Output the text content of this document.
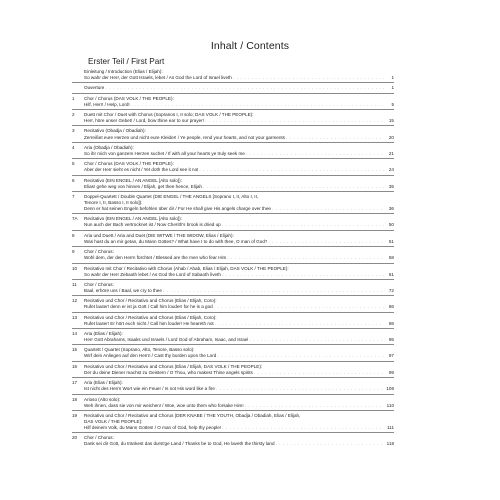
Inhalt / Contents
Erster Teil / First Part
Einleitung / Introduction (Elias / Elijah):
So wahr der Herr, der Gott Israels, lebet / As God the Lord of Israel liveth . . .	1
Ouverture . . .	1
1	Chor / Chorus (DAS VOLK / THE PEOPLE):
Hilf, Herr! / Help, Lord! . . .	5
2	Duett mit Chor / Duet with Chorus (Sopranos I, II solo; DAS VOLK / THE PEOPLE):
Herr, höre unser Gebet! / Lord, bow thine ear to our prayer! . . .	15
3	Recitativo (Obadja / Obadiah):
Zerreißet eure Herzen und nicht eure Kleider! / Ye people, rend your hearts, and not your garments . . .	20
4	Aria (Obadja / Obadiah):
So ihr mich von ganzem Herzen suchet / If with all your hearts ye truly seek me . . .	21
5	Chor / Chorus (DAS VOLK / THE PEOPLE):
Aber der Herr sieht es nicht / Yet doth the Lord see it not . . .	24
6	Recitativo (EIN ENGEL / AN ANGEL [Alto solo]):
Elias! gehe weg von hinnen / Elijah, get thee hence, Elijah . . .	35
7	Doppel-Quartett / Double Quartet (DIE ENGEL / THE ANGELS [Soprano I, II, Alto I, II,
Tenore I, II, Basso I, II solo]):
Denn er hat seinen Engeln befohlen über dir / For He shall give His angels charge over thee . . .	36
7A	Recitativo (EIN ENGEL / AN ANGEL [Alto solo]):
Nun auch der Bach vertrocknet ist / Now Cherith's brook is dried up . . .	50
8	Aria und Duett / Aria and Duet (DIE WITWE / THE WIDOW, Elias / Elijah):
Was hast du an mir getan, du Mann Gottes? / What have I to do with thee, O man of God? . . .	51
9	Chor / Chorus:
Wohl dem, der den Herrn fürchtet / Blessed are the men who fear Him . . .	58
10	Recitativo mit Chor / Recitativo with Chorus (Ahab / Ahab, Elias / Elijah, DAS VOLK / THE PEOPLE):
So wahr der Herr Zebaoth lebet / As God the Lord of Sabaoth liveth . . .	61
11	Chor / Chorus:
Baal, erhöre uns / Baal, we cry to thee . . .	72
12	Recitativo und Chor / Recitativo and Chorus (Elias / Elijah, Coro):
Rufet lauter! denn er ist ja Gott / Call him louder! for he is a god . . .	86
13	Recitativo und Chor / Recitativo and Chorus (Elias / Elijah, Coro):
Rufet lauter! Er hört euch nicht / Call him louder! He heareth not . . .	88
14	Aria (Elias / Elijah):
Herr Gott Abrahams, Isaaks und Israels / Lord God of Abraham, Isaac, and Israel . . .	95
15	Quartett / Quartet (Soprano, Alto, Tenore, Basso solo):
Wirf dein Anliegen auf den Herrn / Cast thy burden upon the Lord . . .	97
16	Recitativo und Chor / Recitativo and Chorus (Elias / Elijah, DAS VOLK / THE PEOPLE):
Der du deine Diener machst zu Geistern / O Thou, who makest Thine angels spirits . . .	99
17	Aria (Elias / Elijah):
Ist nicht des Herrn Wort wie ein Feuer / Is not His word like a fire . . .	106
18	Arioso (Alto solo):
Weh ihnen, dass sie von mir weichen! / Woe, woe unto them who forsake Him! . . .	110
19	Recitativo und Chor / Recitativo and Chorus (DER KNABE / THE YOUTH, Obadja / Obadiah, Elias / Elijah,
DAS VOLK / THE PEOPLE):
Hilf deinem Volk, du Mann Gottes! / O man of God, help thy people! . . .	111
20	Chor / Chorus:
Dank sei dir Gott, du tränkest das durst'ge Land / Thanks be to God, He laveth the thirsty land . . .	118
